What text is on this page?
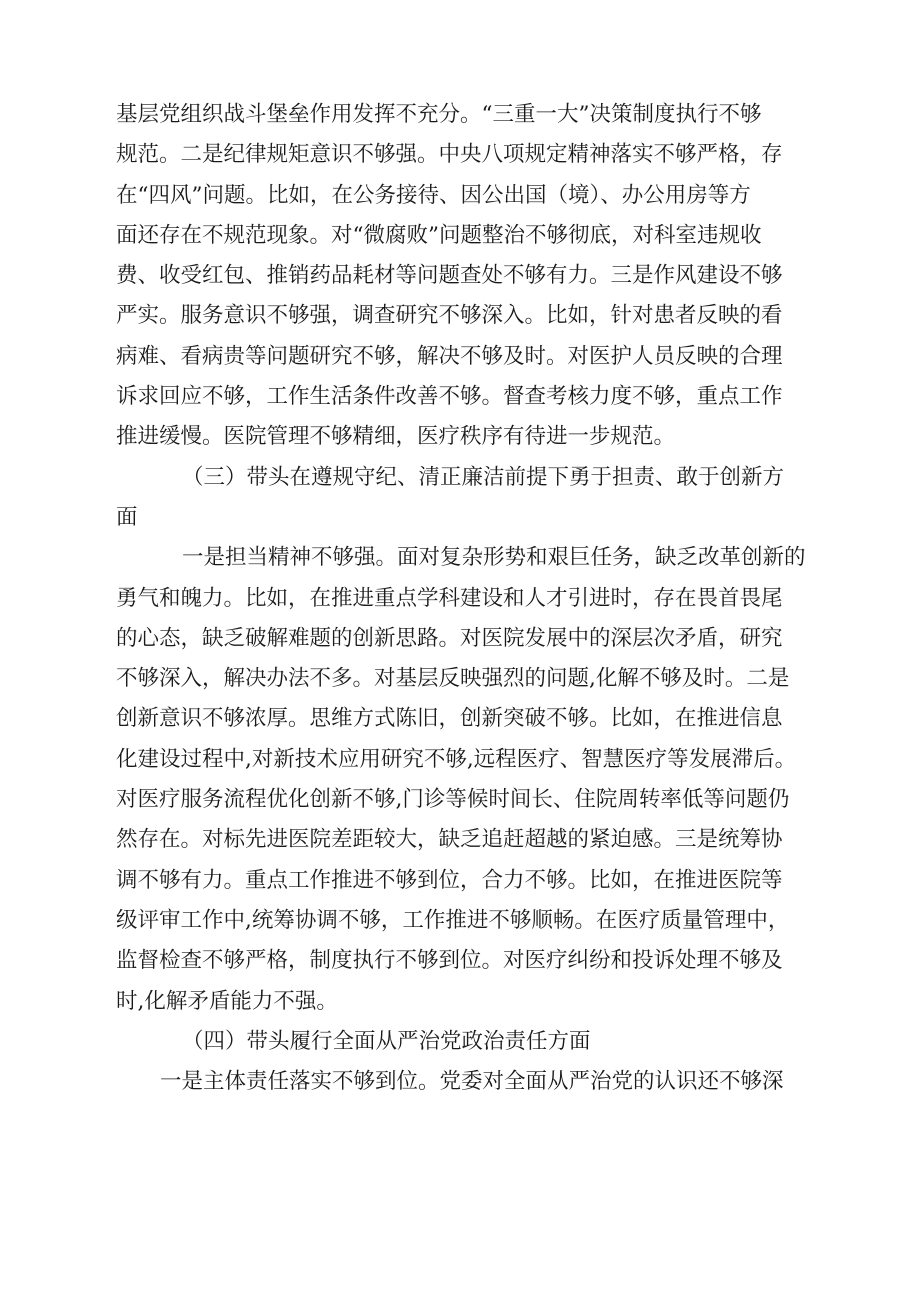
基层党组织战斗堡垒作用发挥不充分。“三重一大”决策制度执行不够
规范。二是纪律规矩意识不够强。中央八项规定精神落实不够严格，存
在“四风”问题。比如，在公务接待、因公出国（境）、办公用房等方
面还存在不规范现象。对“微腐败”问题整治不够彻底，对科室违规收
费、收受红包、推销药品耗材等问题查处不够有力。三是作风建设不够
严实。服务意识不够强，调查研究不够深入。比如，针对患者反映的看
病难、看病贵等问题研究不够，解决不够及时。对医护人员反映的合理
诉求回应不够，工作生活条件改善不够。督查考核力度不够，重点工作
推进缓慢。医院管理不够精细，医疗秩序有待进一步规范。
（三）带头在遵规守纪、清正廉洁前提下勇于担责、敢于创新方
面
一是担当精神不够强。面对复杂形势和艰巨任务，缺乏改革创新的
勇气和魄力。比如，在推进重点学科建设和人才引进时，存在畏首畏尾
的心态，缺乏破解难题的创新思路。对医院发展中的深层次矛盾，研究
不够深入，解决办法不多。对基层反映强烈的问题,化解不够及时。二是
创新意识不够浓厚。思维方式陈旧，创新突破不够。比如，在推进信息
化建设过程中,对新技术应用研究不够,远程医疗、智慧医疗等发展滞后。
对医疗服务流程优化创新不够,门诊等候时间长、住院周转率低等问题仍
然存在。对标先进医院差距较大，缺乏追赶超越的紧迫感。三是统筹协
调不够有力。重点工作推进不够到位，合力不够。比如，在推进医院等
级评审工作中,统筹协调不够，工作推进不够顺畅。在医疗质量管理中，
监督检查不够严格，制度执行不够到位。对医疗纠纷和投诉处理不够及
时,化解矛盾能力不强。
（四）带头履行全面从严治党政治责任方面
一是主体责任落实不够到位。党委对全面从严治党的认识还不够深
